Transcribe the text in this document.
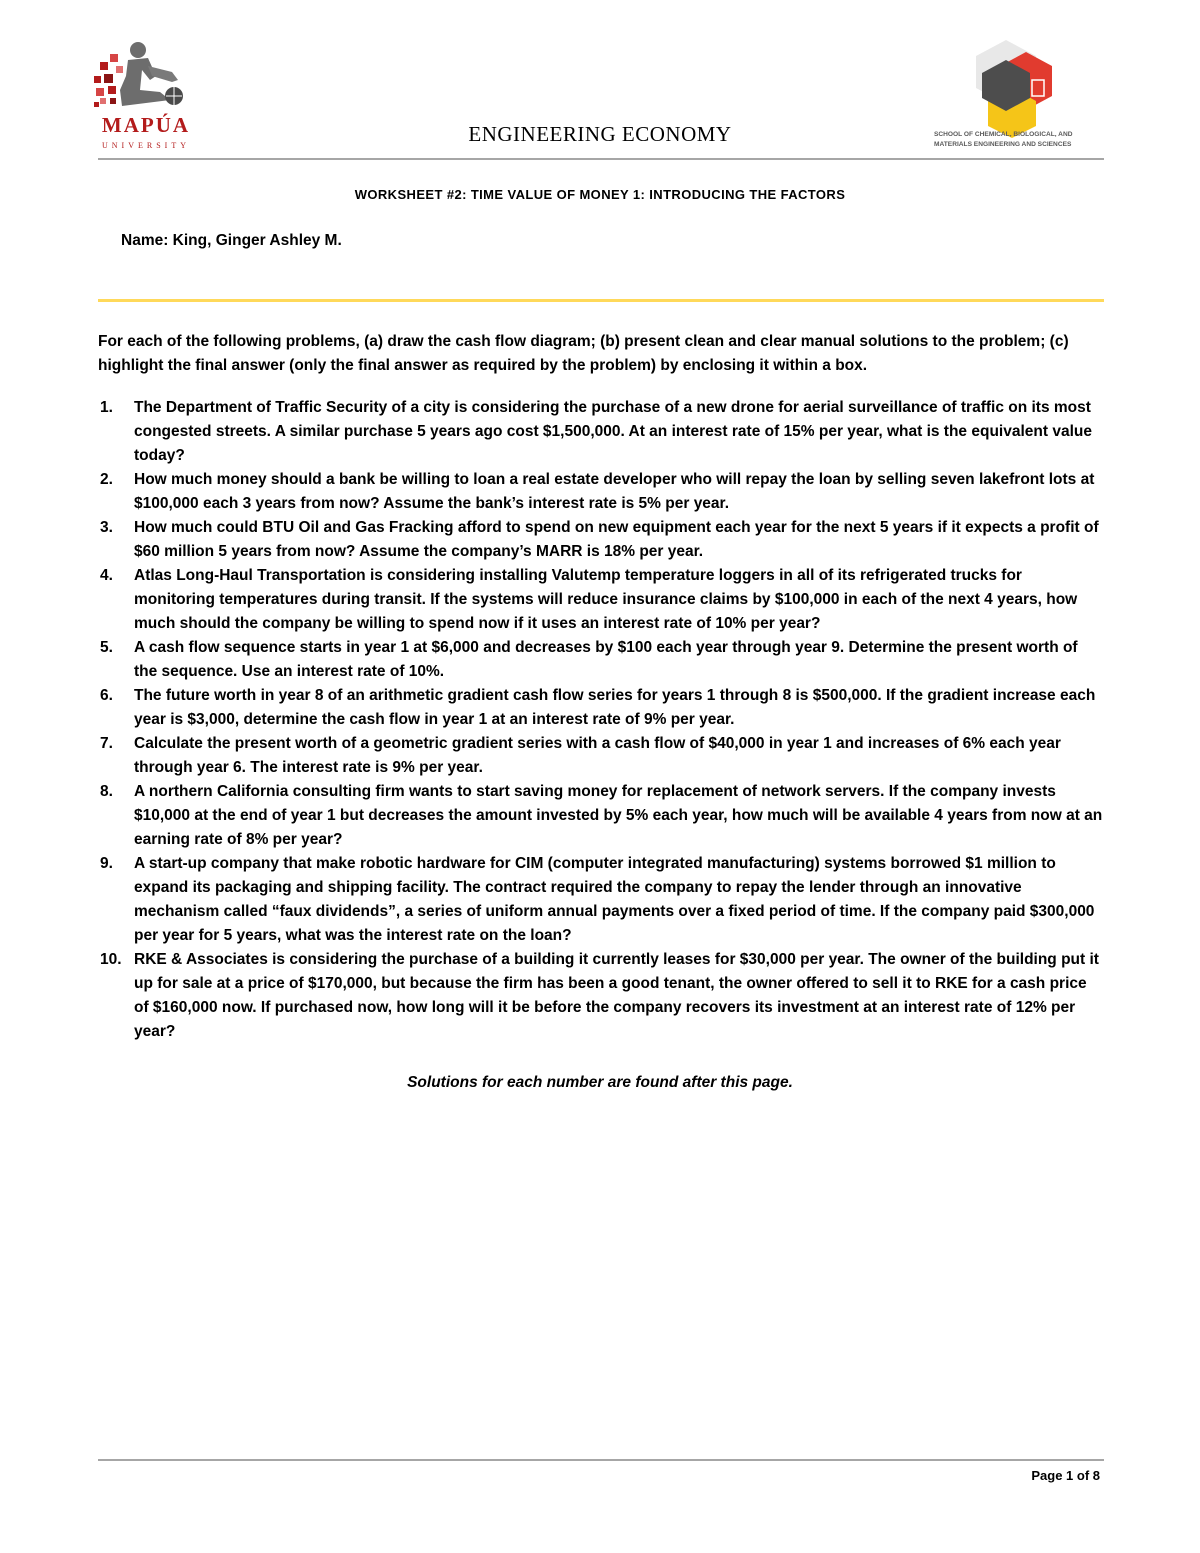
MAPÚA
UNIVERSITY
SCHOOL OF CHEMICAL, BIOLOGICAL, AND
MATERIALS ENGINEERING AND SCIENCES
ENGINEERING ECONOMY
WORKSHEET #2: TIME VALUE OF MONEY 1: INTRODUCING THE FACTORS
Name: King, Ginger Ashley M.

For each of the following problems, (a) draw the cash flow diagram; (b) present clean and clear manual solutions to the problem; (c) highlight the final answer (only the final answer as required by the problem) by enclosing it within a box.

1. The Department of Traffic Security of a city is considering the purchase of a new drone for aerial surveillance of traffic on its most congested streets. A similar purchase 5 years ago cost $1,500,000. At an interest rate of 15% per year, what is the equivalent value today?
2. How much money should a bank be willing to loan a real estate developer who will repay the loan by selling seven lakefront lots at $100,000 each 3 years from now? Assume the bank’s interest rate is 5% per year.
3. How much could BTU Oil and Gas Fracking afford to spend on new equipment each year for the next 5 years if it expects a profit of $60 million 5 years from now? Assume the company’s MARR is 18% per year.
4. Atlas Long-Haul Transportation is considering installing Valutemp temperature loggers in all of its refrigerated trucks for monitoring temperatures during transit. If the systems will reduce insurance claims by $100,000 in each of the next 4 years, how much should the company be willing to spend now if it uses an interest rate of 10% per year?
5. A cash flow sequence starts in year 1 at $6,000 and decreases by $100 each year through year 9. Determine the present worth of the sequence. Use an interest rate of 10%.
6. The future worth in year 8 of an arithmetic gradient cash flow series for years 1 through 8 is $500,000. If the gradient increase each year is $3,000, determine the cash flow in year 1 at an interest rate of 9% per year.
7. Calculate the present worth of a geometric gradient series with a cash flow of $40,000 in year 1 and increases of 6% each year through year 6. The interest rate is 9% per year.
8. A northern California consulting firm wants to start saving money for replacement of network servers. If the company invests $10,000 at the end of year 1 but decreases the amount invested by 5% each year, how much will be available 4 years from now at an earning rate of 8% per year?
9. A start-up company that make robotic hardware for CIM (computer integrated manufacturing) systems borrowed $1 million to expand its packaging and shipping facility. The contract required the company to repay the lender through an innovative mechanism called “faux dividends”, a series of uniform annual payments over a fixed period of time. If the company paid $300,000 per year for 5 years, what was the interest rate on the loan?
10. RKE & Associates is considering the purchase of a building it currently leases for $30,000 per year. The owner of the building put it up for sale at a price of $170,000, but because the firm has been a good tenant, the owner offered to sell it to RKE for a cash price of $160,000 now. If purchased now, how long will it be before the company recovers its investment at an interest rate of 12% per year?
Solutions for each number are found after this page.
Page 1 of 8
